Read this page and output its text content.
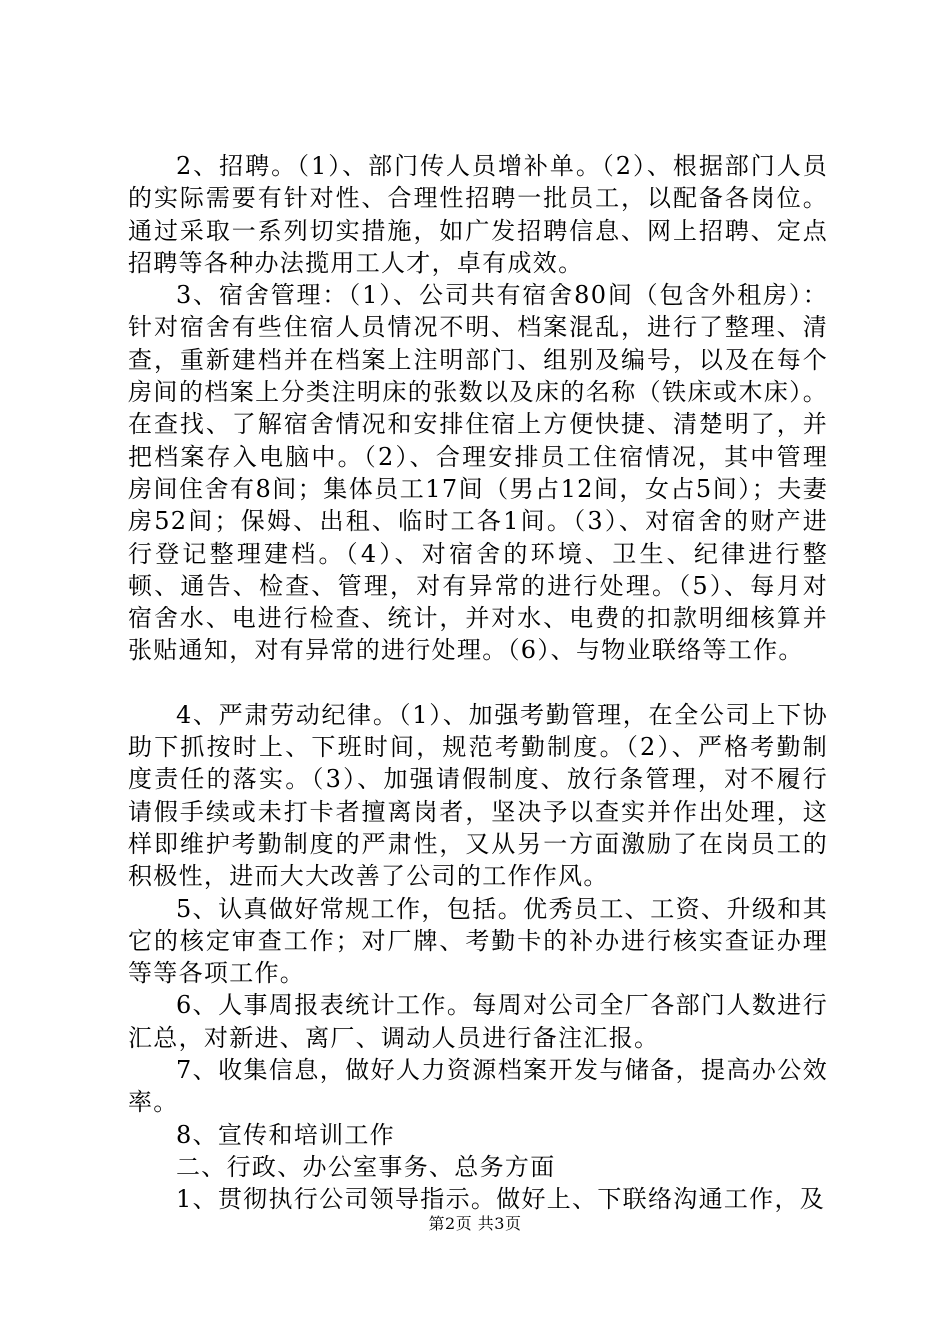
2、招聘。（1）、部门传人员增补单。（2）、根据部门人员的实际需要有针对性、合理性招聘一批员工，以配备各岗位。通过采取一系列切实措施，如广发招聘信息、网上招聘、定点招聘等各种办法揽用工人才，卓有成效。

3、宿舍管理：（1）、公司共有宿舍80间（包含外租房）：针对宿舍有些住宿人员情况不明、档案混乱，进行了整理、清查，重新建档并在档案上注明部门、组别及编号，以及在每个房间的档案上分类注明床的张数以及床的名称（铁床或木床）。在查找、了解宿舍情况和安排住宿上方便快捷、清楚明了，并把档案存入电脑中。（2）、合理安排员工住宿情况，其中管理房间住舍有8间；集体员工17间（男占12间，女占5间）；夫妻房52间；保姆、出租、临时工各1间。（3）、对宿舍的财产进行登记整理建档。（4）、对宿舍的环境、卫生、纪律进行整顿、通告、检查、管理，对有异常的进行处理。（5）、每月对宿舍水、电进行检查、统计，并对水、电费的扣款明细核算并张贴通知，对有异常的进行处理。（6）、与物业联络等工作。

4、严肃劳动纪律。（1）、加强考勤管理，在全公司上下协助下抓按时上、下班时间，规范考勤制度。（2）、严格考勤制度责任的落实。（3）、加强请假制度、放行条管理，对不履行请假手续或未打卡者擅离岗者，坚决予以查实并作出处理，这样即维护考勤制度的严肃性，又从另一方面激励了在岗员工的积极性，进而大大改善了公司的工作作风。

5、认真做好常规工作，包括。优秀员工、工资、升级和其它的核定审查工作；对厂牌、考勤卡的补办进行核实查证办理等等各项工作。

6、人事周报表统计工作。每周对公司全厂各部门人数进行汇总，对新进、离厂、调动人员进行备注汇报。

7、收集信息，做好人力资源档案开发与储备，提高办公效率。

8、宣传和培训工作

二、行政、办公室事务、总务方面

1、贯彻执行公司领导指示。做好上、下联络沟通工作，及

第2页 共3页
